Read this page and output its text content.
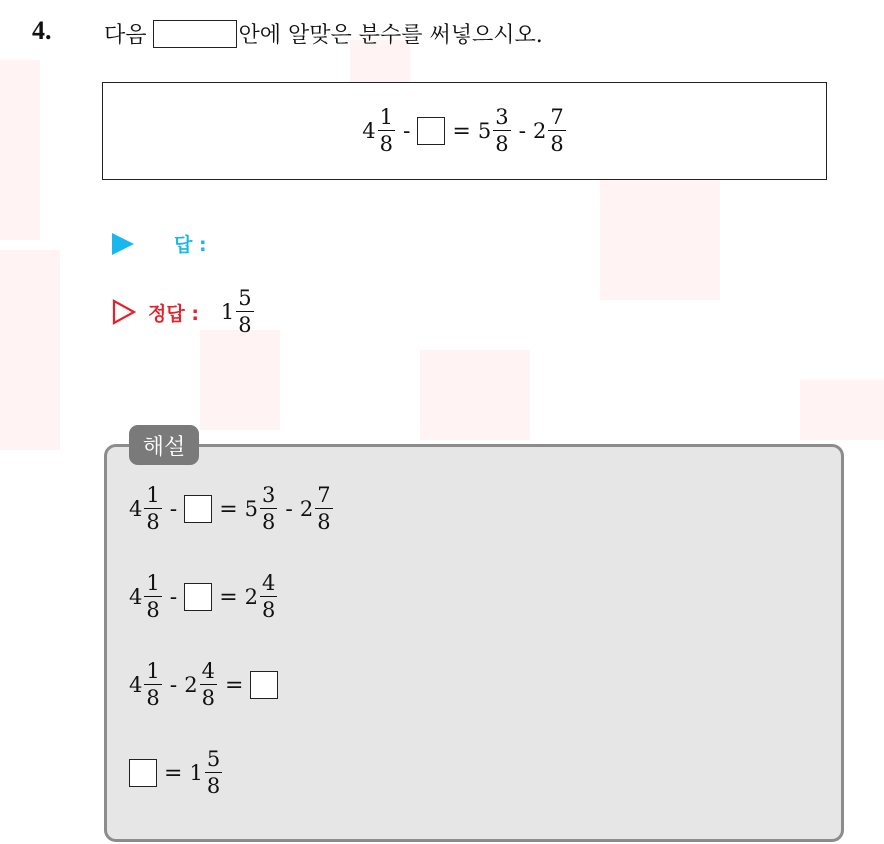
4. 다음	안에 알맞은 분수를 써넣으시오.
$4 \frac{1}{8}$ - = $5 \frac{3}{8} - 2 \frac{7}{8}$
답 :
정답 : $1 \frac{5}{8}$
해설
$4 \frac{1}{8}$ - = $5 \frac{3}{8} - 2 \frac{7}{8}$
$4 \frac{1}{8}$ - = $2 \frac{4}{8}$
$4 \frac{1}{8} - 2 \frac{4}{8}$ =
= $1 \frac{5}{8}$
